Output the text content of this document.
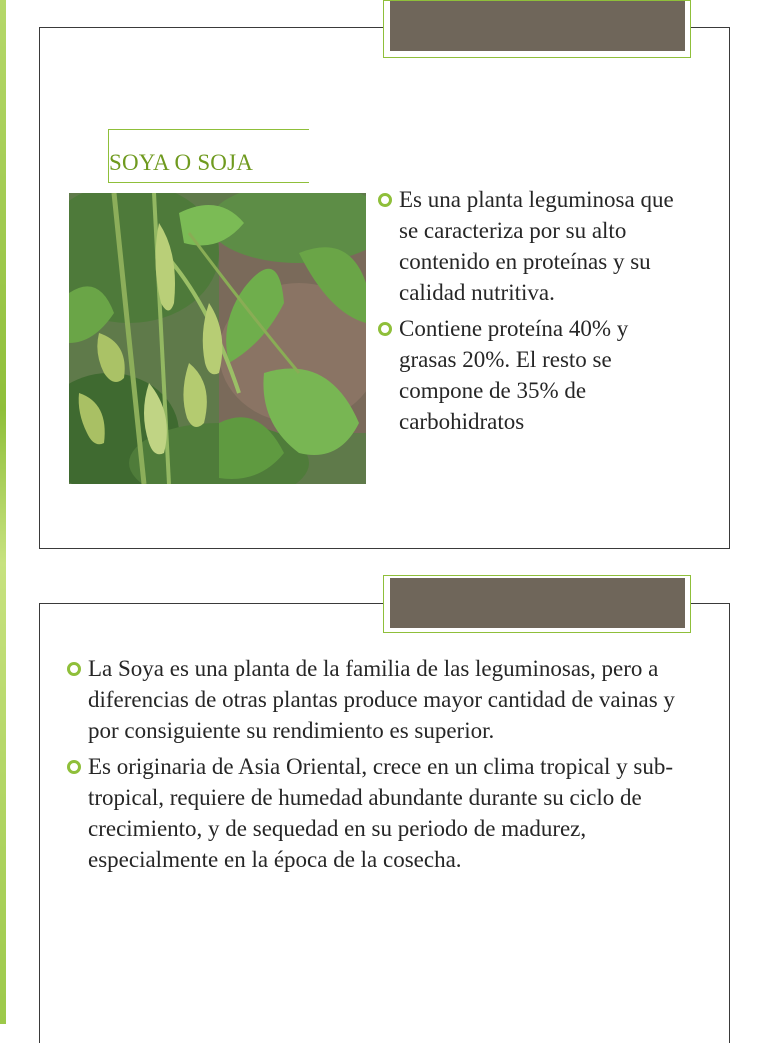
SOYA O SOJA
Es una planta leguminosa que se caracteriza por su alto contenido en proteínas y su calidad nutritiva.
Contiene proteína 40% y grasas 20%. El resto se compone de 35% de carbohidratos
La Soya es una planta de la familia de las leguminosas, pero a diferencias de otras plantas produce mayor cantidad de vainas y por consiguiente su rendimiento es superior.
Es originaria de Asia Oriental, crece en un clima tropical y sub-tropical, requiere de humedad abundante durante su ciclo de crecimiento, y de sequedad en su periodo de madurez, especialmente en la época de la cosecha.
